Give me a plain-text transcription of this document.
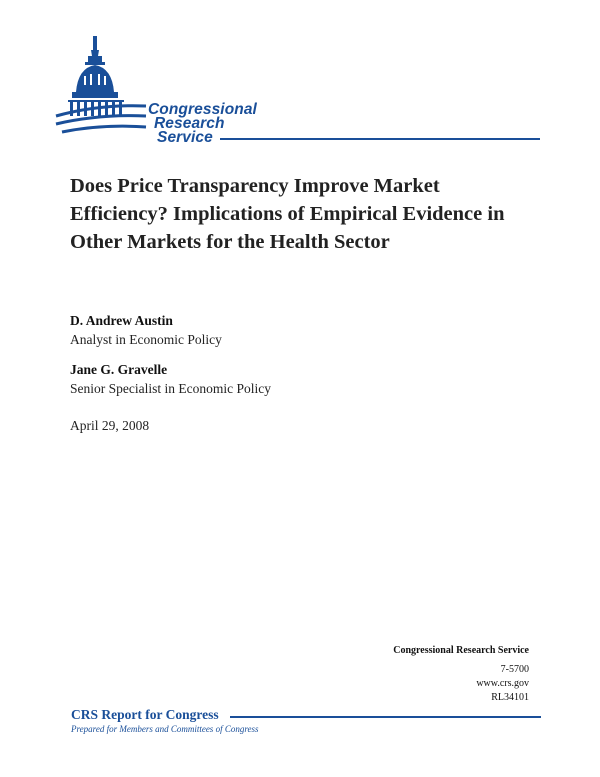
Congressional
Research
Service
Does Price Transparency Improve Market Efficiency? Implications of Empirical Evidence in Other Markets for the Health Sector
D. Andrew Austin
Analyst in Economic Policy
Jane G. Gravelle
Senior Specialist in Economic Policy
April 29, 2008
Congressional Research Service
7-5700
www.crs.gov
RL34101
CRS Report for Congress
Prepared for Members and Committees of Congress
